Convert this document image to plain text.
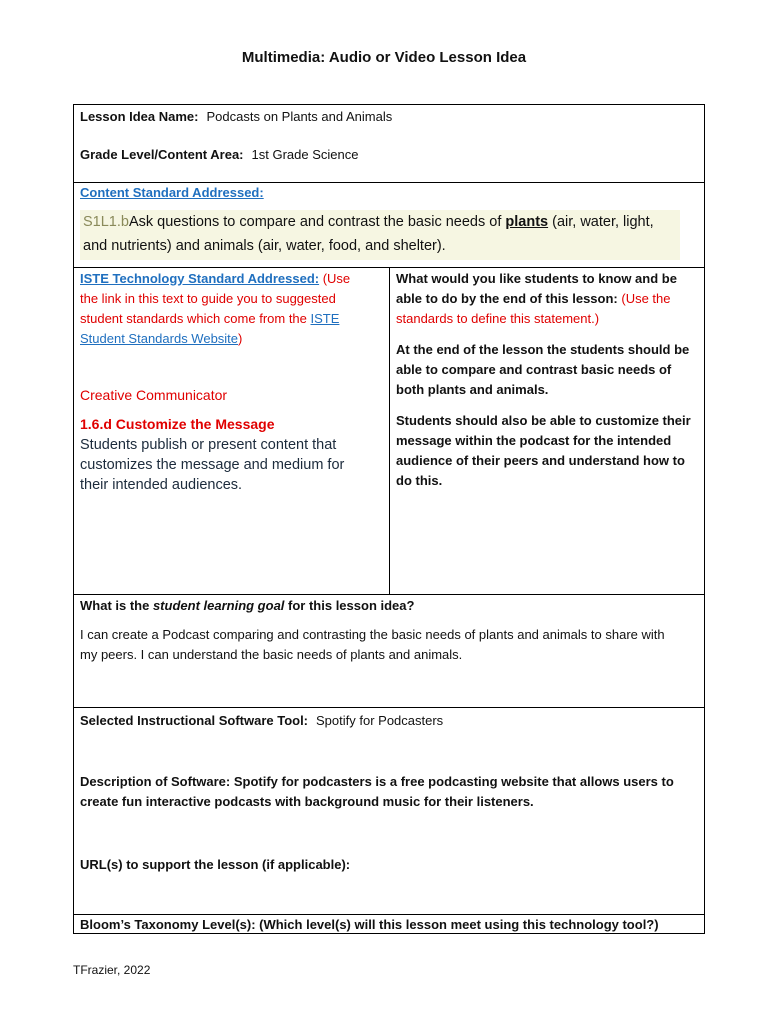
Multimedia: Audio or Video Lesson Idea
Lesson Idea Name: Podcasts on Plants and Animals
Grade Level/Content Area: 1st Grade Science
Content Standard Addressed:
S1L1.bAsk questions to compare and contrast the basic needs of plants (air, water, light,
and nutrients) and animals (air, water, food, and shelter).
ISTE Technology Standard Addressed: (Use
the link in this text to guide you to suggested
student standards which come from the ISTE
Student Standards Website)
Creative Communicator
1.6.d Customize the Message
Students publish or present content that
customizes the message and medium for
their intended audiences.
What would you like students to know and be
able to do by the end of this lesson: (Use the
standards to define this statement.)
At the end of the lesson the students should be
able to compare and contrast basic needs of
both plants and animals.
Students should also be able to customize their
message within the podcast for the intended
audience of their peers and understand how to
do this.
What is the student learning goal for this lesson idea?
I can create a Podcast comparing and contrasting the basic needs of plants and animals to share with
my peers. I can understand the basic needs of plants and animals.
Selected Instructional Software Tool: Spotify for Podcasters
Description of Software: Spotify for podcasters is a free podcasting website that allows users to
create fun interactive podcasts with background music for their listeners.
URL(s) to support the lesson (if applicable):
Bloom’s Taxonomy Level(s): (Which level(s) will this lesson meet using this technology tool?)
TFrazier, 2022
